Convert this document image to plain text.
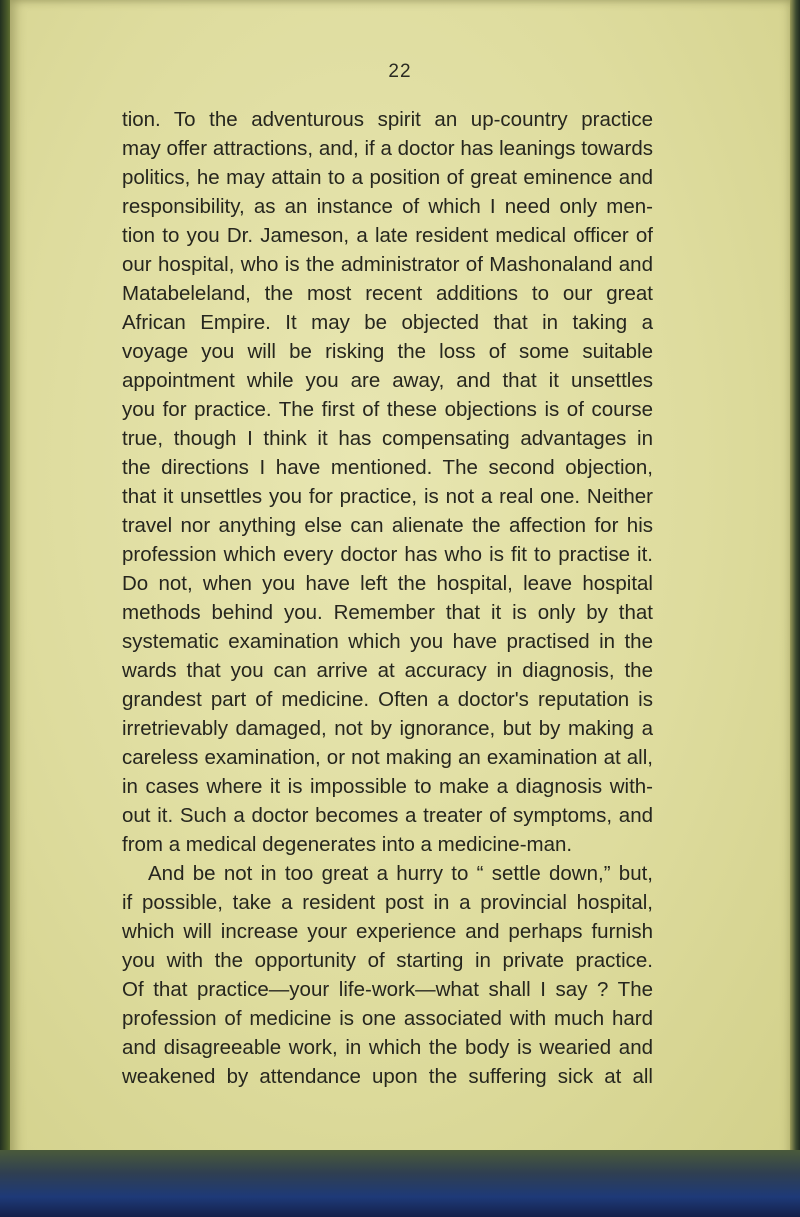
22
tion. To the adventurous spirit an up-country practice
may offer attractions, and, if a doctor has leanings towards
politics, he may attain to a position of great eminence and
responsibility, as an instance of which I need only men-
tion to you Dr. Jameson, a late resident medical officer of
our hospital, who is the administrator of Mashonaland and
Matabeleland, the most recent additions to our great
African Empire. It may be objected that in taking a
voyage you will be risking the loss of some suitable
appointment while you are away, and that it unsettles
you for practice. The first of these objections is of course
true, though I think it has compensating advantages in
the directions I have mentioned. The second objection,
that it unsettles you for practice, is not a real one. Neither
travel nor anything else can alienate the affection for his
profession which every doctor has who is fit to practise it.
Do not, when you have left the hospital, leave hospital
methods behind you. Remember that it is only by that
systematic examination which you have practised in the
wards that you can arrive at accuracy in diagnosis, the
grandest part of medicine. Often a doctor's reputation is
irretrievably damaged, not by ignorance, but by making a
careless examination, or not making an examination at all,
in cases where it is impossible to make a diagnosis with-
out it. Such a doctor becomes a treater of symptoms, and
from a medical degenerates into a medicine-man.
And be not in too great a hurry to “ settle down,” but,
if possible, take a resident post in a provincial hospital,
which will increase your experience and perhaps furnish
you with the opportunity of starting in private practice.
Of that practice—your life-work—what shall I say ? The
profession of medicine is one associated with much hard
and disagreeable work, in which the body is wearied and
weakened by attendance upon the suffering sick at all
